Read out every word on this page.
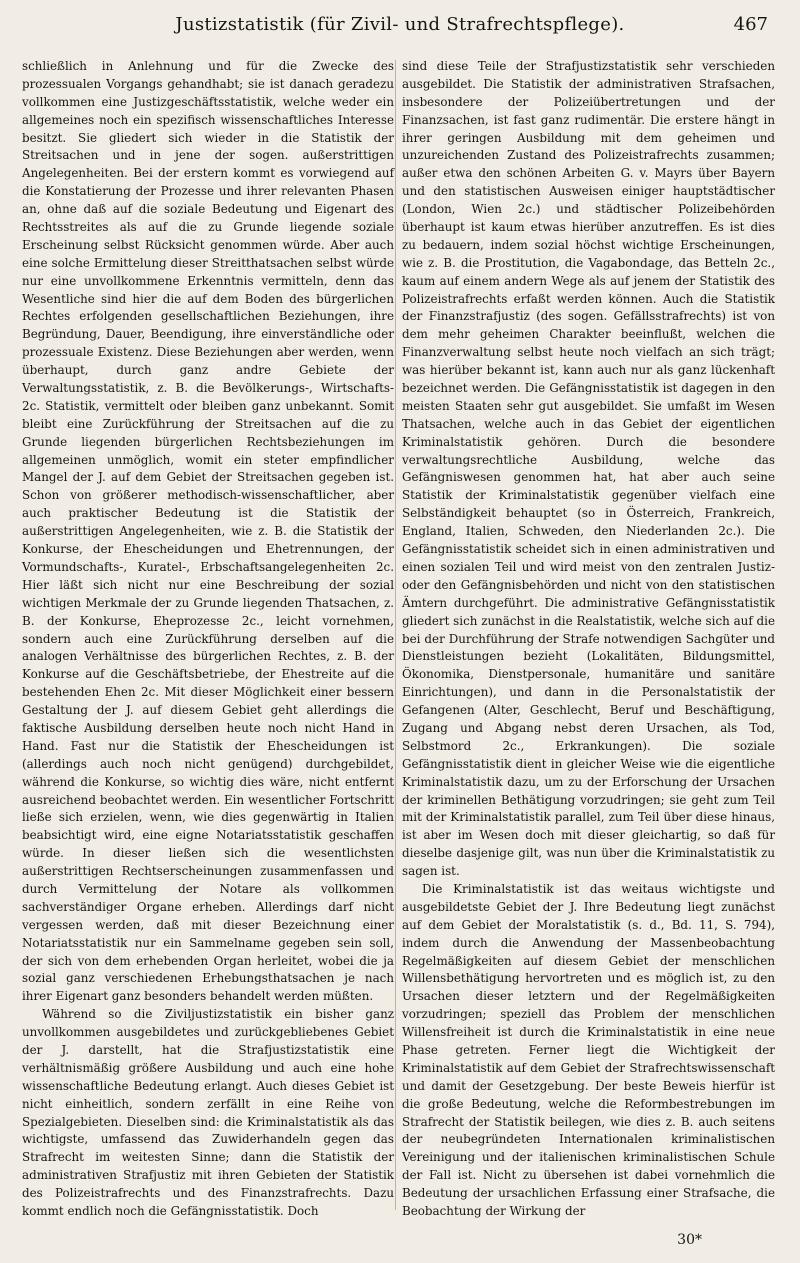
Justizstatistik (für Zivil- und Strafrechtspflege).	467

schließlich in Anlehnung und für die Zwecke des prozessualen Vorgangs gehandhabt; sie ist danach geradezu vollkommen eine Justizgeschäftsstatistik, welche weder ein allgemeines noch ein spezifisch wissenschaftliches Interesse besitzt. Sie gliedert sich wieder in die Statistik der Streitsachen und in jene der sogen. außerstrittigen Angelegenheiten. Bei der erstern kommt es vorwiegend auf die Konstatierung der Prozesse und ihrer relevanten Phasen an, ohne daß auf die soziale Bedeutung und Eigenart des Rechtsstreites als auf die zu Grunde liegende soziale Erscheinung selbst Rücksicht genommen würde. Aber auch eine solche Ermittelung dieser Streitthatsachen selbst würde nur eine unvollkommene Erkenntnis vermitteln, denn das Wesentliche sind hier die auf dem Boden des bürgerlichen Rechtes erfolgenden gesellschaftlichen Beziehungen, ihre Begründung, Dauer, Beendigung, ihre einverständliche oder prozessuale Existenz. Diese Beziehungen aber werden, wenn überhaupt, durch ganz andre Gebiete der Verwaltungsstatistik, z. B. die Bevölkerungs-, Wirtschafts- 2c. Statistik, vermittelt oder bleiben ganz unbekannt. Somit bleibt eine Zurückführung der Streitsachen auf die zu Grunde liegenden bürgerlichen Rechtsbeziehungen im allgemeinen unmöglich, womit ein steter empfindlicher Mangel der J. auf dem Gebiet der Streitsachen gegeben ist. Schon von größerer methodisch-wissenschaftlicher, aber auch praktischer Bedeutung ist die Statistik der außerstrittigen Angelegenheiten, wie z. B. die Statistik der Konkurse, der Ehescheidungen und Ehetrennungen, der Vormundschafts-, Kuratel-, Erbschaftsangelegenheiten 2c. Hier läßt sich nicht nur eine Beschreibung der sozial wichtigen Merkmale der zu Grunde liegenden Thatsachen, z. B. der Konkurse, Eheprozesse 2c., leicht vornehmen, sondern auch eine Zurückführung derselben auf die analogen Verhältnisse des bürgerlichen Rechtes, z. B. der Konkurse auf die Geschäftsbetriebe, der Ehestreite auf die bestehenden Ehen 2c. Mit dieser Möglichkeit einer bessern Gestaltung der J. auf diesem Gebiet geht allerdings die faktische Ausbildung derselben heute noch nicht Hand in Hand. Fast nur die Statistik der Ehescheidungen ist (allerdings auch noch nicht genügend) durchgebildet, während die Konkurse, so wichtig dies wäre, nicht entfernt ausreichend beobachtet werden. Ein wesentlicher Fortschritt ließe sich erzielen, wenn, wie dies gegenwärtig in Italien beabsichtigt wird, eine eigne Notariatsstatistik geschaffen würde. In dieser ließen sich die wesentlichsten außerstrittigen Rechtserscheinungen zusammenfassen und durch Vermittelung der Notare als vollkommen sachverständiger Organe erheben. Allerdings darf nicht vergessen werden, daß mit dieser Bezeichnung einer Notariatsstatistik nur ein Sammelname gegeben sein soll, der sich von dem erhebenden Organ herleitet, wobei die ja sozial ganz verschiedenen Erhebungsthatsachen je nach ihrer Eigenart ganz besonders behandelt werden müßten.

Während so die Ziviljustizstatistik ein bisher ganz unvollkommen ausgebildetes und zurückgebliebenes Gebiet der J. darstellt, hat die Strafjustizstatistik eine verhältnismäßig größere Ausbildung und auch eine hohe wissenschaftliche Bedeutung erlangt. Auch dieses Gebiet ist nicht einheitlich, sondern zerfällt in eine Reihe von Spezialgebieten. Dieselben sind: die Kriminalstatistik als das wichtigste, umfassend das Zuwiderhandeln gegen das Strafrecht im weitesten Sinne; dann die Statistik der administrativen Strafjustiz mit ihren Gebieten der Statistik des Polizeistrafrechts und des Finanzstrafrechts. Dazu kommt endlich noch die Gefängnisstatistik. Doch

sind diese Teile der Strafjustizstatistik sehr verschieden ausgebildet. Die Statistik der administrativen Strafsachen, insbesondere der Polizeiübertretungen und der Finanzsachen, ist fast ganz rudimentär. Die erstere hängt in ihrer geringen Ausbildung mit dem geheimen und unzureichenden Zustand des Polizeistrafrechts zusammen; außer etwa den schönen Arbeiten G. v. Mayrs über Bayern und den statistischen Ausweisen einiger hauptstädtischer (London, Wien 2c.) und städtischer Polizeibehörden überhaupt ist kaum etwas hierüber anzutreffen. Es ist dies zu bedauern, indem sozial höchst wichtige Erscheinungen, wie z. B. die Prostitution, die Vagabondage, das Betteln 2c., kaum auf einem andern Wege als auf jenem der Statistik des Polizeistrafrechts erfaßt werden können. Auch die Statistik der Finanzstrafjustiz (des sogen. Gefällsstrafrechts) ist von dem mehr geheimen Charakter beeinflußt, welchen die Finanzverwaltung selbst heute noch vielfach an sich trägt; was hierüber bekannt ist, kann auch nur als ganz lückenhaft bezeichnet werden. Die Gefängnisstatistik ist dagegen in den meisten Staaten sehr gut ausgebildet. Sie umfaßt im Wesen Thatsachen, welche auch in das Gebiet der eigentlichen Kriminalstatistik gehören. Durch die besondere verwaltungsrechtliche Ausbildung, welche das Gefängniswesen genommen hat, hat aber auch seine Statistik der Kriminalstatistik gegenüber vielfach eine Selbständigkeit behauptet (so in Österreich, Frankreich, England, Italien, Schweden, den Niederlanden 2c.). Die Gefängnisstatistik scheidet sich in einen administrativen und einen sozialen Teil und wird meist von den zentralen Justiz- oder den Gefängnisbehörden und nicht von den statistischen Ämtern durchgeführt. Die administrative Gefängnisstatistik gliedert sich zunächst in die Realstatistik, welche sich auf die bei der Durchführung der Strafe notwendigen Sachgüter und Dienstleistungen bezieht (Lokalitäten, Bildungsmittel, Ökonomika, Dienstpersonale, humanitäre und sanitäre Einrichtungen), und dann in die Personalstatistik der Gefangenen (Alter, Geschlecht, Beruf und Beschäftigung, Zugang und Abgang nebst deren Ursachen, als Tod, Selbstmord 2c., Erkrankungen). Die soziale Gefängnisstatistik dient in gleicher Weise wie die eigentliche Kriminalstatistik dazu, um zu der Erforschung der Ursachen der kriminellen Bethätigung vorzudringen; sie geht zum Teil mit der Kriminalstatistik parallel, zum Teil über diese hinaus, ist aber im Wesen doch mit dieser gleichartig, so daß für dieselbe dasjenige gilt, was nun über die Kriminalstatistik zu sagen ist.

Die Kriminalstatistik ist das weitaus wichtigste und ausgebildetste Gebiet der J. Ihre Bedeutung liegt zunächst auf dem Gebiet der Moralstatistik (s. d., Bd. 11, S. 794), indem durch die Anwendung der Massenbeobachtung Regelmäßigkeiten auf diesem Gebiet der menschlichen Willensbethätigung hervortreten und es möglich ist, zu den Ursachen dieser letztern und der Regelmäßigkeiten vorzudringen; speziell das Problem der menschlichen Willensfreiheit ist durch die Kriminalstatistik in eine neue Phase getreten. Ferner liegt die Wichtigkeit der Kriminalstatistik auf dem Gebiet der Strafrechtswissenschaft und damit der Gesetzgebung. Der beste Beweis hierfür ist die große Bedeutung, welche die Reformbestrebungen im Strafrecht der Statistik beilegen, wie dies z. B. auch seitens der neubegründeten Internationalen kriminalistischen Vereinigung und der italienischen kriminalistischen Schule der Fall ist. Nicht zu übersehen ist dabei vornehmlich die Bedeutung der ursachlichen Erfassung einer Strafsache, die Beobachtung der Wirkung der

30*
